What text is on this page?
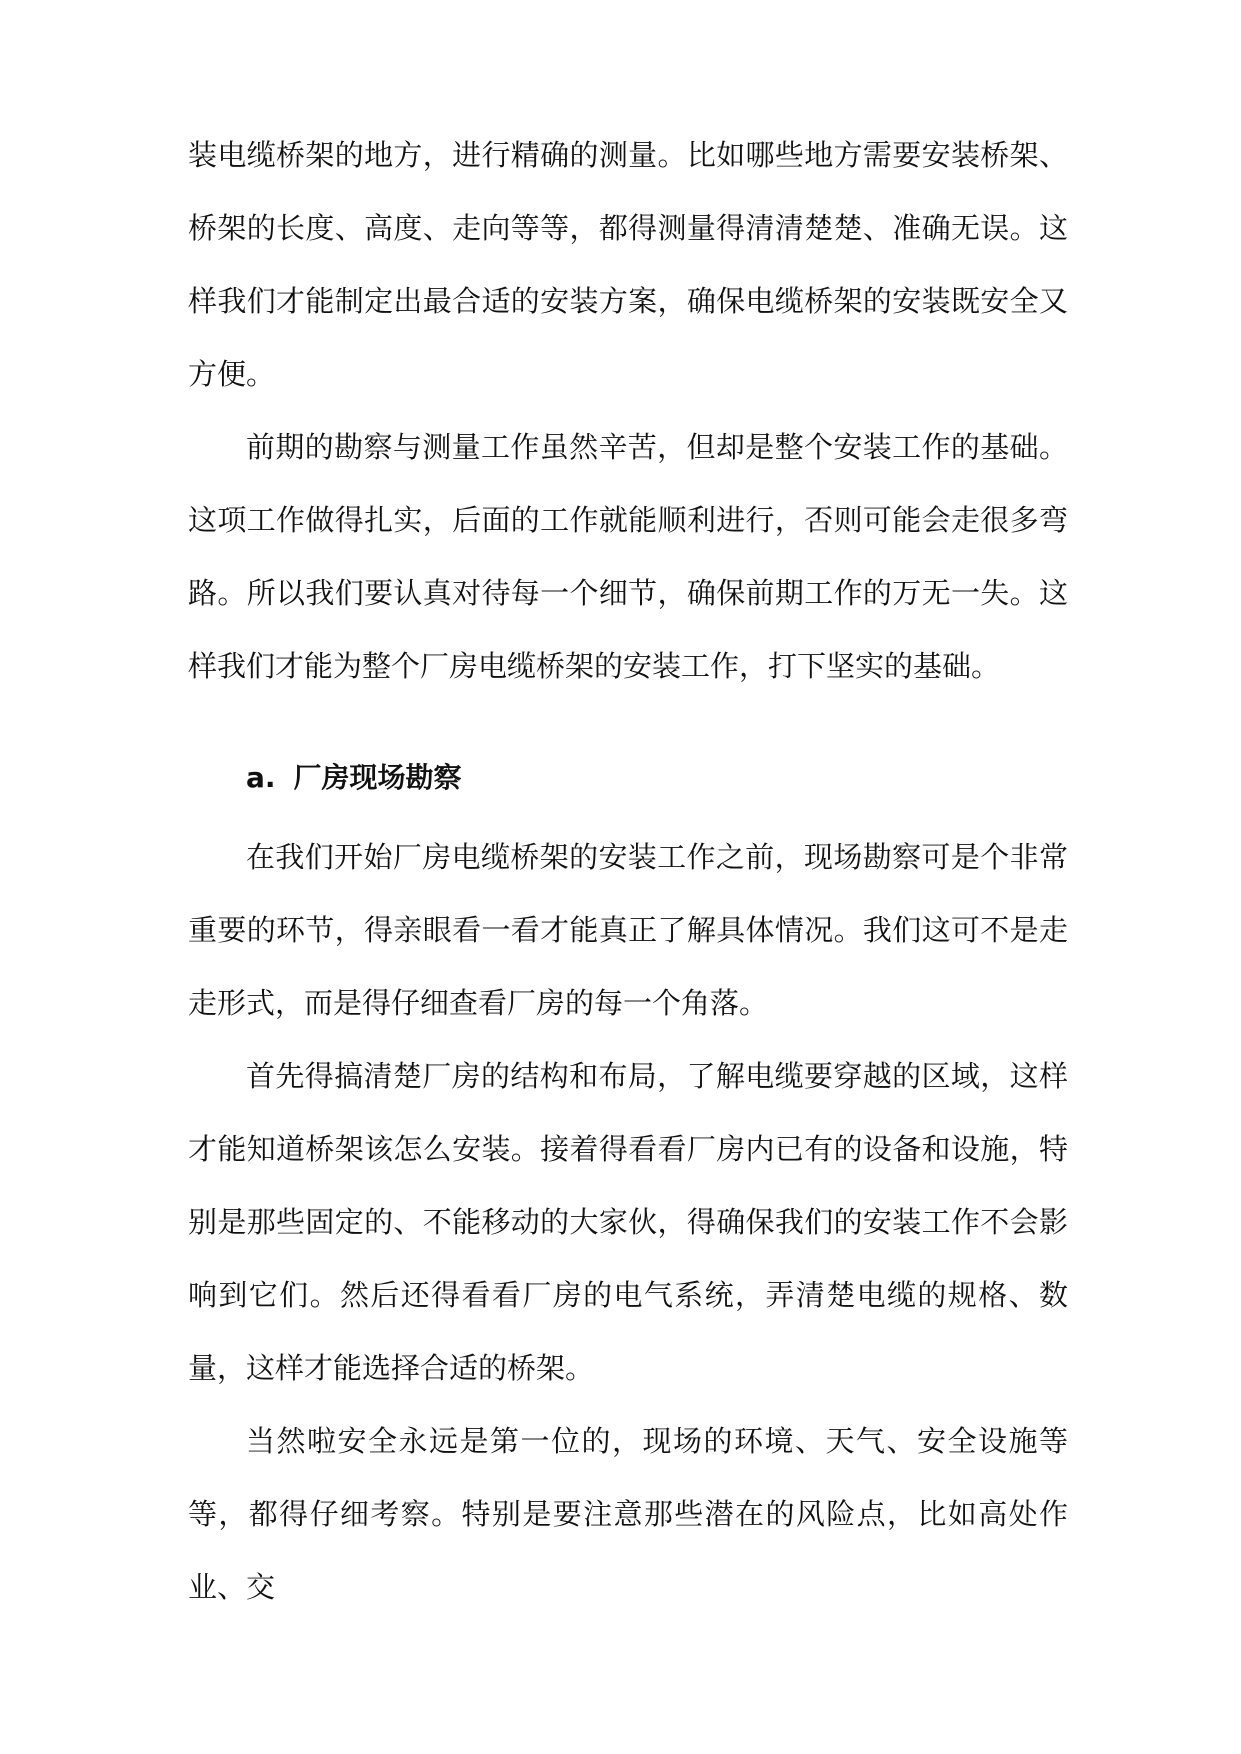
装电缆桥架的地方，进行精确的测量。比如哪些地方需要安装桥架、桥架的长度、高度、走向等等，都得测量得清清楚楚、准确无误。这样我们才能制定出最合适的安装方案，确保电缆桥架的安装既安全又方便。

前期的勘察与测量工作虽然辛苦，但却是整个安装工作的基础。这项工作做得扎实，后面的工作就能顺利进行，否则可能会走很多弯路。所以我们要认真对待每一个细节，确保前期工作的万无一失。这样我们才能为整个厂房电缆桥架的安装工作，打下坚实的基础。

a. 厂房现场勘察

在我们开始厂房电缆桥架的安装工作之前，现场勘察可是个非常重要的环节，得亲眼看一看才能真正了解具体情况。我们这可不是走走形式，而是得仔细查看厂房的每一个角落。

首先得搞清楚厂房的结构和布局，了解电缆要穿越的区域，这样才能知道桥架该怎么安装。接着得看看厂房内已有的设备和设施，特别是那些固定的、不能移动的大家伙，得确保我们的安装工作不会影响到它们。然后还得看看厂房的电气系统，弄清楚电缆的规格、数量，这样才能选择合适的桥架。

当然啦安全永远是第一位的，现场的环境、天气、安全设施等等，都得仔细考察。特别是要注意那些潜在的风险点，比如高处作业、交
